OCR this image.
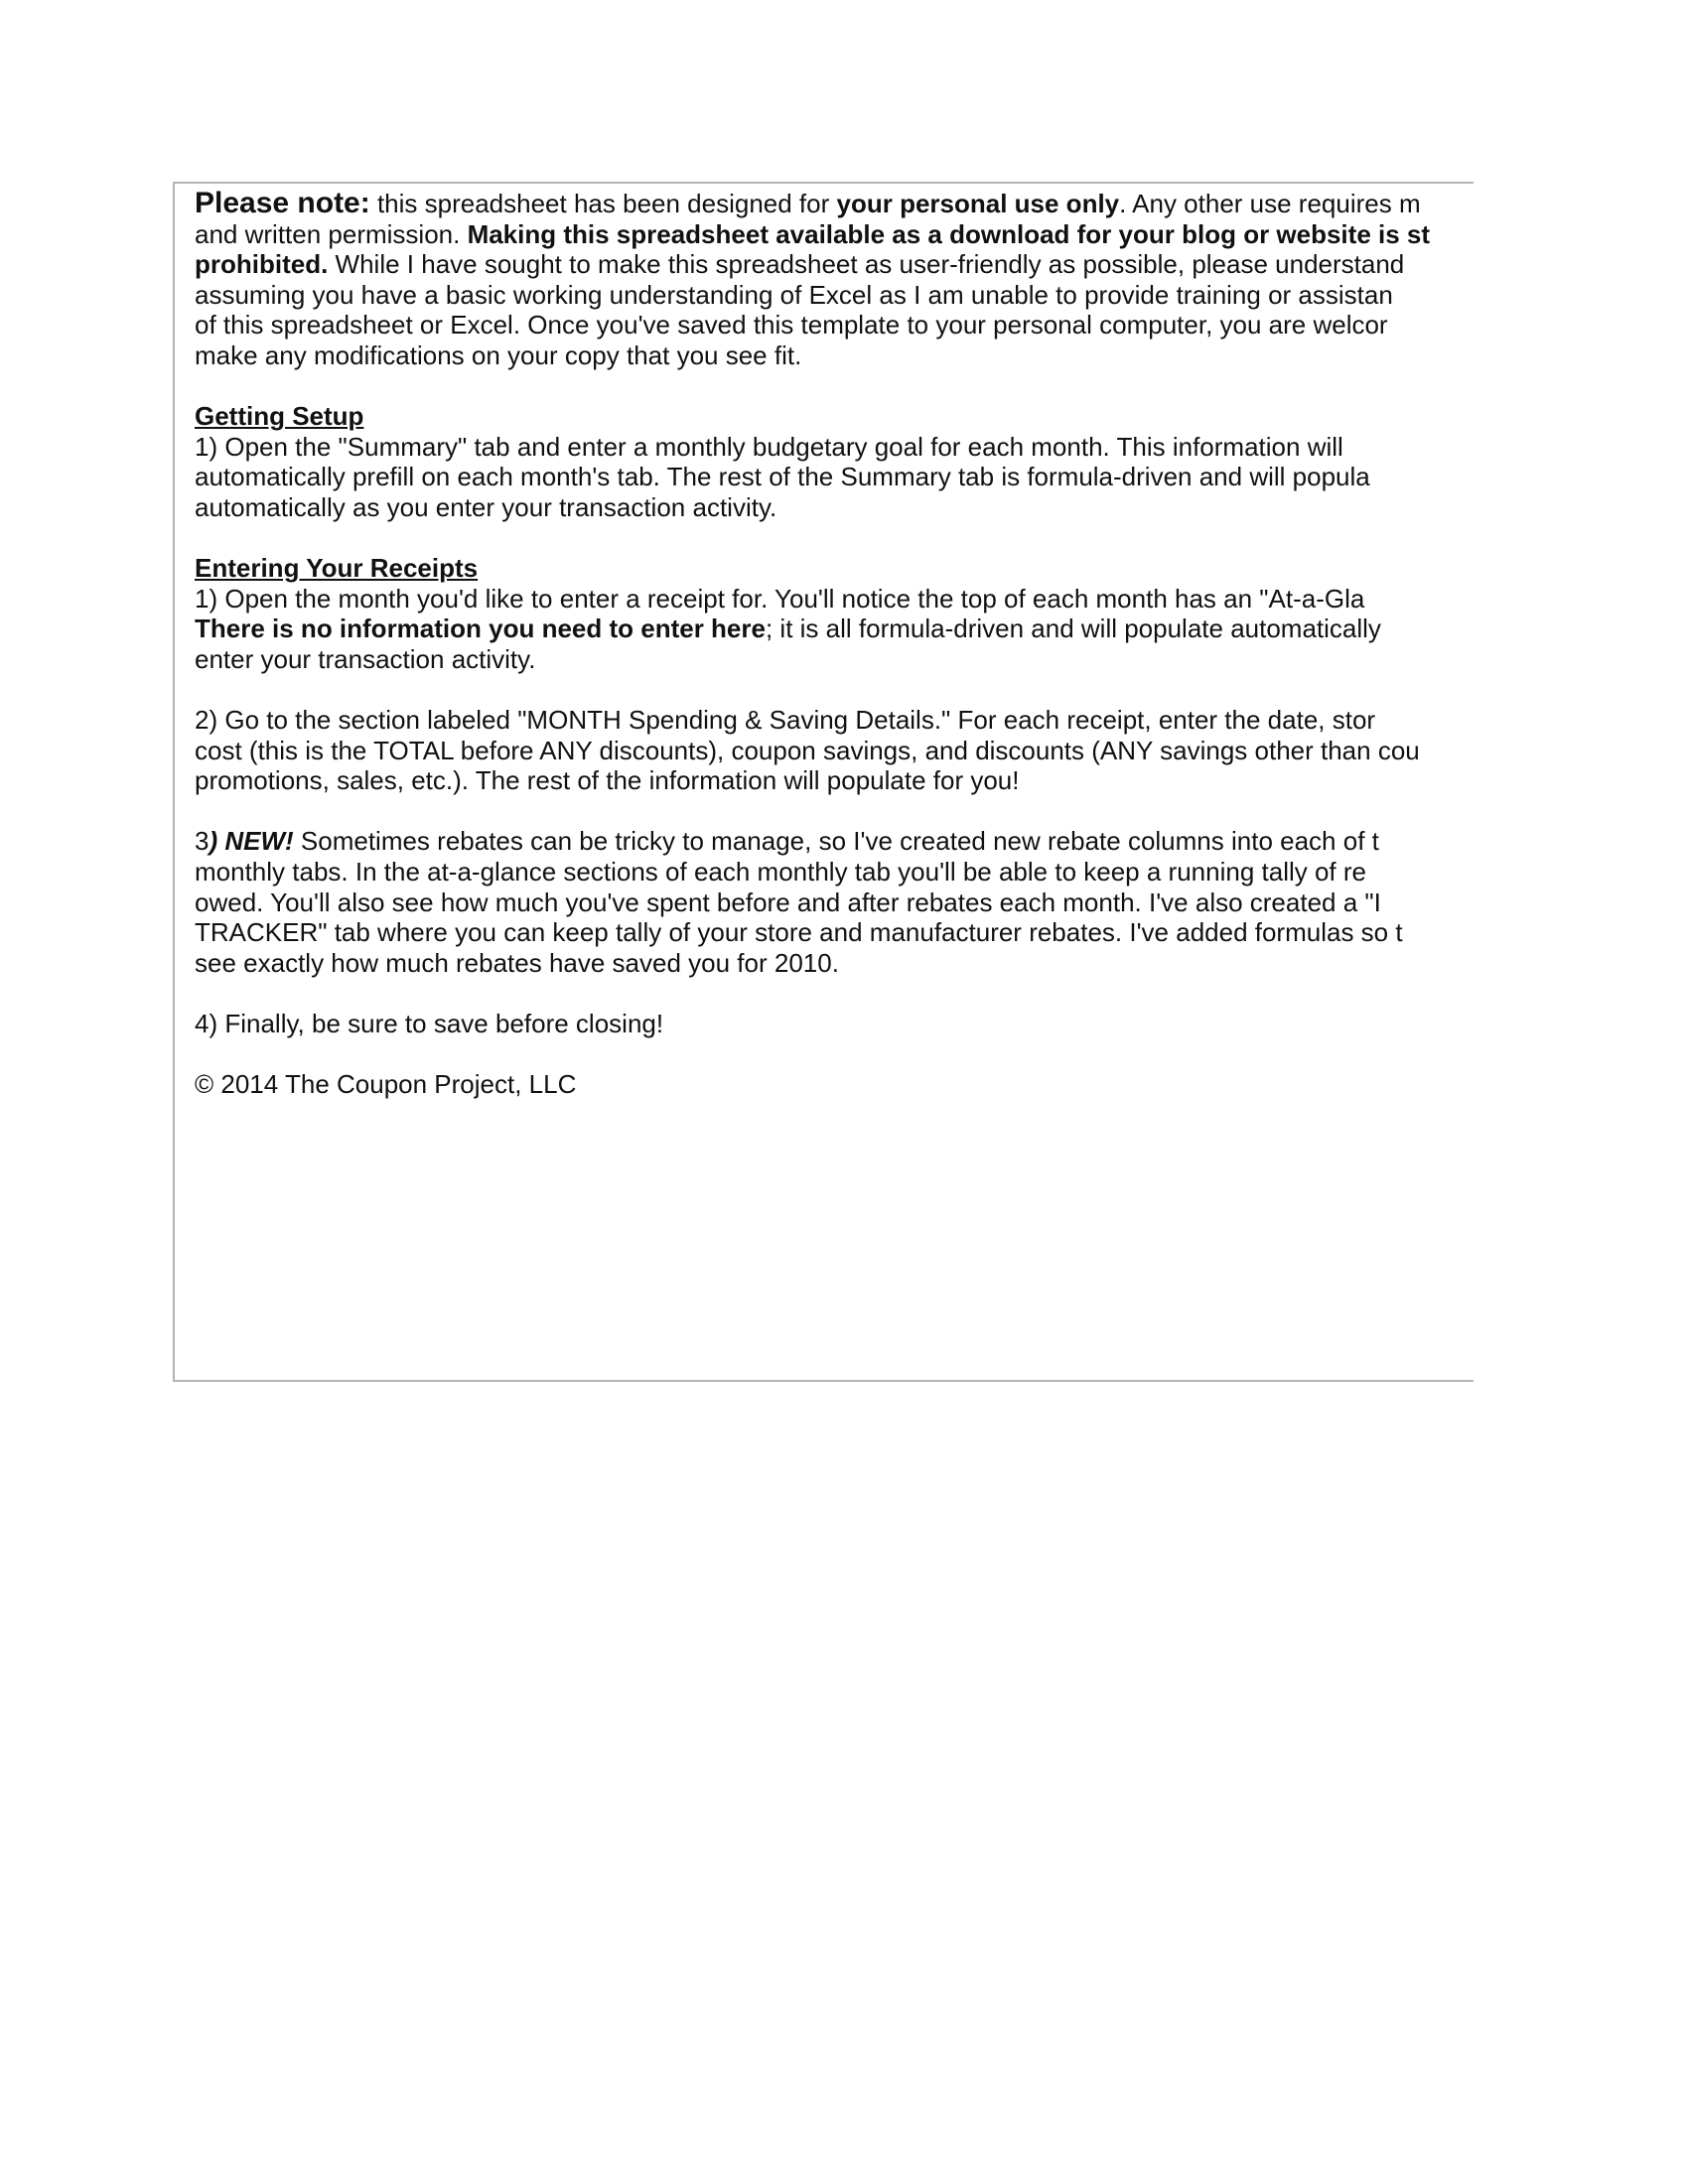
Please note: this spreadsheet has been designed for your personal use only. Any other use requires m
and written permission. Making this spreadsheet available as a download for your blog or website is st
prohibited. While I have sought to make this spreadsheet as user-friendly as possible, please understand
assuming you have a basic working understanding of Excel as I am unable to provide training or assistan
of this spreadsheet or Excel. Once you've saved this template to your personal computer, you are welcor
make any modifications on your copy that you see fit.
Getting Setup
1) Open the "Summary" tab and enter a monthly budgetary goal for each month. This information will
automatically prefill on each month's tab. The rest of the Summary tab is formula-driven and will popula
automatically as you enter your transaction activity.
Entering Your Receipts
1) Open the month you'd like to enter a receipt for. You'll notice the top of each month has an "At-a-Gla
There is no information you need to enter here; it is all formula-driven and will populate automatically
enter your transaction activity.
2) Go to the section labeled "MONTH Spending & Saving Details." For each receipt, enter the date, stor
cost (this is the TOTAL before ANY discounts), coupon savings, and discounts (ANY savings other than cou
promotions, sales, etc.). The rest of the information will populate for you!
3) NEW! Sometimes rebates can be tricky to manage, so I've created new rebate columns into each of t
monthly tabs. In the at-a-glance sections of each monthly tab you'll be able to keep a running tally of re
owed. You'll also see how much you've spent before and after rebates each month. I've also created a "I
TRACKER" tab where you can keep tally of your store and manufacturer rebates. I've added formulas so t
see exactly how much rebates have saved you for 2010.
4) Finally, be sure to save before closing!
© 2014 The Coupon Project, LLC
